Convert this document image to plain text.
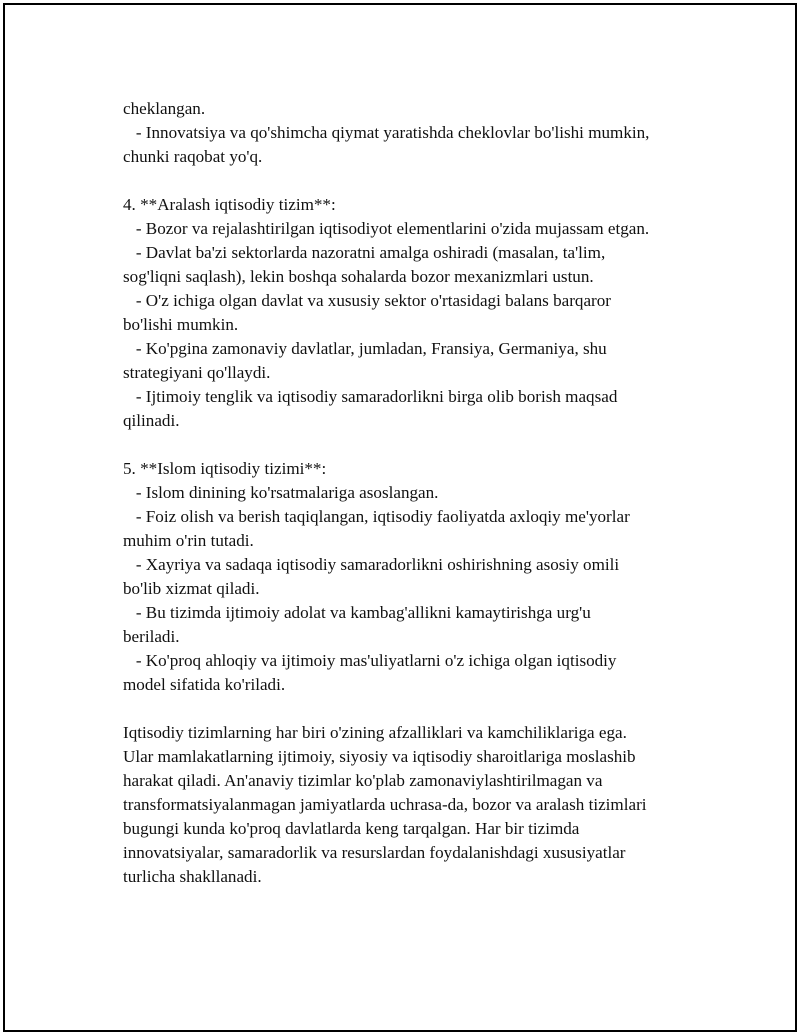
cheklangan.
- Innovatsiya va qo'shimcha qiymat yaratishda cheklovlar bo'lishi mumkin,
chunki raqobat yo'q.
4. **Aralash iqtisodiy tizim**:
- Bozor va rejalashtirilgan iqtisodiyot elementlarini o'zida mujassam etgan.
- Davlat ba'zi sektorlarda nazoratni amalga oshiradi (masalan, ta'lim,
sog'liqni saqlash), lekin boshqa sohalarda bozor mexanizmlari ustun.
- O'z ichiga olgan davlat va xususiy sektor o'rtasidagi balans barqaror
bo'lishi mumkin.
- Ko'pgina zamonaviy davlatlar, jumladan, Fransiya, Germaniya, shu
strategiyani qo'llaydi.
- Ijtimoiy tenglik va iqtisodiy samaradorlikni birga olib borish maqsad
qilinadi.
5. **Islom iqtisodiy tizimi**:
- Islom dinining ko'rsatmalariga asoslangan.
- Foiz olish va berish taqiqlangan, iqtisodiy faoliyatda axloqiy me'yorlar
muhim o'rin tutadi.
- Xayriya va sadaqa iqtisodiy samaradorlikni oshirishning asosiy omili
bo'lib xizmat qiladi.
- Bu tizimda ijtimoiy adolat va kambag'allikni kamaytirishga urg'u
beriladi.
- Ko'proq ahloqiy va ijtimoiy mas'uliyatlarni o'z ichiga olgan iqtisodiy
model sifatida ko'riladi.
Iqtisodiy tizimlarning har biri o'zining afzalliklari va kamchiliklariga ega.
Ular mamlakatlarning ijtimoiy, siyosiy va iqtisodiy sharoitlariga moslashib
harakat qiladi. An'anaviy tizimlar ko'plab zamonaviylashtirilmagan va
transformatsiyalanmagan jamiyatlarda uchrasa-da, bozor va aralash tizimlari
bugungi kunda ko'proq davlatlarda keng tarqalgan. Har bir tizimda
innovatsiyalar, samaradorlik va resurslardan foydalanishdagi xususiyatlar
turlicha shakllanadi.
